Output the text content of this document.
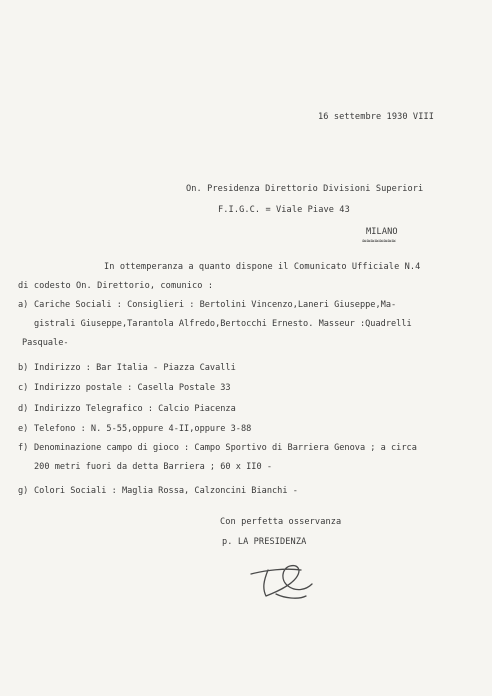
16 settembre 1930 VIII
On. Presidenza Direttorio Divisioni Superiori
F.I.G.C. = Viale Piave 43
MILANO
≈≈≈≈≈≈≈≈
In ottemperanza a quanto dispone il Comunicato Ufficiale N.4
di codesto On. Direttorio, comunico :
a) Cariche Sociali : Consiglieri : Bertolini Vincenzo,Laneri Giuseppe,Ma-
gistrali Giuseppe,Tarantola Alfredo,Bertocchi Ernesto. Masseur :Quadrelli
Pasquale-
b) Indirizzo : Bar Italia - Piazza Cavalli
c) Indirizzo postale : Casella Postale 33
d) Indirizzo Telegrafico : Calcio Piacenza
e) Telefono : N. 5-55,oppure 4-II,oppure 3-88
f) Denominazione campo di gioco : Campo Sportivo di Barriera Genova ; a circa
200 metri fuori da detta Barriera ; 60 x II0 -
g) Colori Sociali : Maglia Rossa, Calzoncini Bianchi -
Con perfetta osservanza
p. LA PRESIDENZA
